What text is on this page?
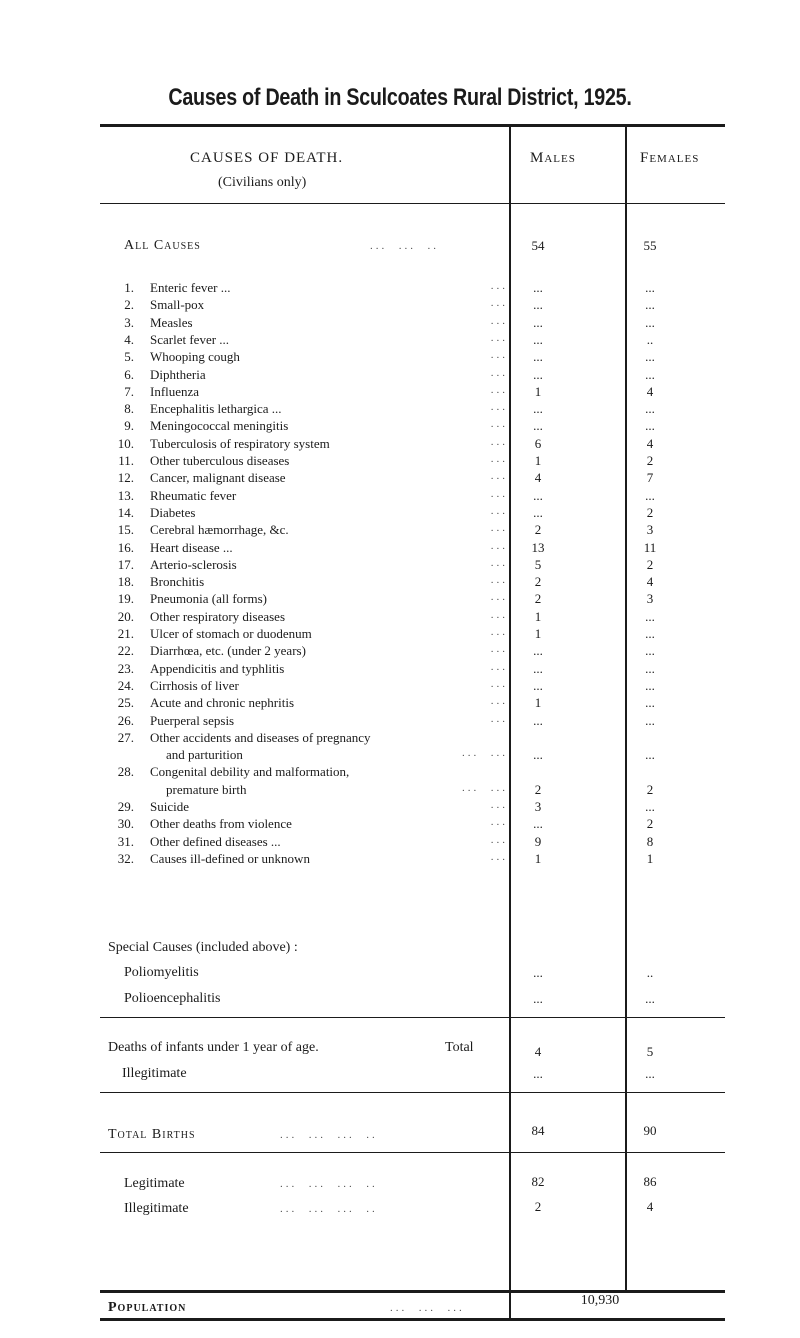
Causes of Death in Sculcoates Rural District, 1925.
CAUSES OF DEATH.
(Civilians only)
Males	Females
All Causes	...  ...  ..	54	55
1. Enteric fever ...	...	...	...
2. Small-pox	...	...	...
3. Measles	...	...	...
4. Scarlet fever ...	...	...	..
5. Whooping cough	...	...	...
6. Diphtheria	...	...	...
7. Influenza	...	1	4
8. Encephalitis lethargica ...	...	...	...
9. Meningococcal meningitis	...	...	...
10. Tuberculosis of respiratory system	...	6	4
11. Other tuberculous diseases	...	1	2
12. Cancer, malignant disease	...	4	7
13. Rheumatic fever	...	...	...
14. Diabetes	...	...	2
15. Cerebral hæmorrhage, &c.	...	2	3
16. Heart disease ...	...	13	11
17. Arterio-sclerosis	...	5	2
18. Bronchitis	...	2	4
19. Pneumonia (all forms)	...	2	3
20. Other respiratory diseases	...	1	...
21. Ulcer of stomach or duodenum	...	1	...
22. Diarrhœa, etc. (under 2 years)	...	...	...
23. Appendicitis and typhlitis	...	...	...
24. Cirrhosis of liver	...	...	...
25. Acute and chronic nephritis	...	1	...
26. Puerperal sepsis	...	...	...
27. Other accidents and diseases of pregnancy
and parturition	...  ...	...	...
28. Congenital debility and malformation,
premature birth	...  ...	2	2
29. Suicide	...	3	...
30. Other deaths from violence	...	...	2
31. Other defined diseases ...	...	9	8
32. Causes ill-defined or unknown	...	1	1
Special Causes (included above) :
Poliomyelitis	...	..
Polioencephalitis	...	...
Deaths of infants under 1 year of age.	Total	4	5
Illegitimate	...	...
Total Births	...  ...  ...  ..	84	90
Legitimate	...  ...  ...  ..	82	86
Illegitimate	...  ...  ...  ..	2	4
Population	...  ...  ...	10,930
